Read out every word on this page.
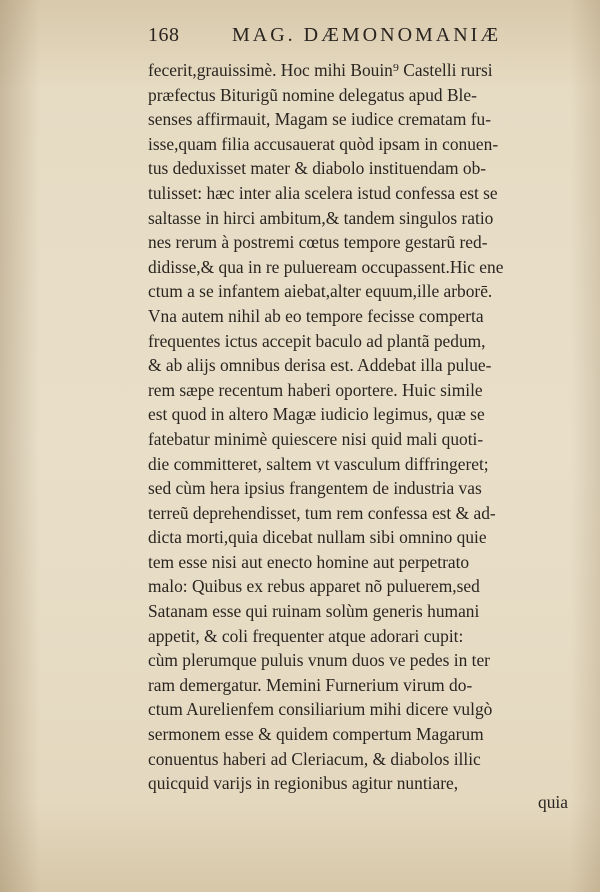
168	MAG. DÆMONOMANIÆ
fecerit,grauissimè. Hoc mihi Bouin⁹ Castelli rursi
præfectus Biturigũ nomine delegatus apud Ble-
senses affirmauit, Magam se iudice crematam fu-
isse,quam filia accusauerat quòd ipsam in conuen-
tus deduxisset mater & diabolo instituendam ob-
tulisset: hæc inter alia scelera istud confessa est se
saltasse in hirci ambitum,& tandem singulos ratio
nes rerum à postremi cœtus tempore gestarũ red-
didisse,& qua in re pulueream occupassent.Hic ene
ctum a se infantem aiebat,alter equum,ille arborē.
Vna autem nihil ab eo tempore fecisse comperta
frequentes ictus accepit baculo ad plantã pedum,
& ab alijs omnibus derisa est. Addebat illa pulue-
rem sæpe recentum haberi oportere. Huic simile
est quod in altero Magæ iudicio legimus, quæ se
fatebatur minimè quiescere nisi quid mali quoti-
die committeret, saltem vt vasculum diffringeret;
sed cùm hera ipsius frangentem de industria vas
terreũ deprehendisset, tum rem confessa est & ad-
dicta morti,quia dicebat nullam sibi omnino quie
tem esse nisi aut enecto homine aut perpetrato
malo: Quibus ex rebus apparet nõ puluerem,sed
Satanam esse qui ruinam solùm generis humani
appetit, & coli frequenter atque adorari cupit:
cùm plerumque puluis vnum duos ve pedes in ter
ram demergatur. Memini Furnerium virum do-
ctum Aurelienfem consiliarium mihi dicere vulgò
sermonem esse & quidem compertum Magarum
conuentus haberi ad Cleriacum, & diabolos illic
quicquid varijs in regionibus agitur nuntiare,
quia
